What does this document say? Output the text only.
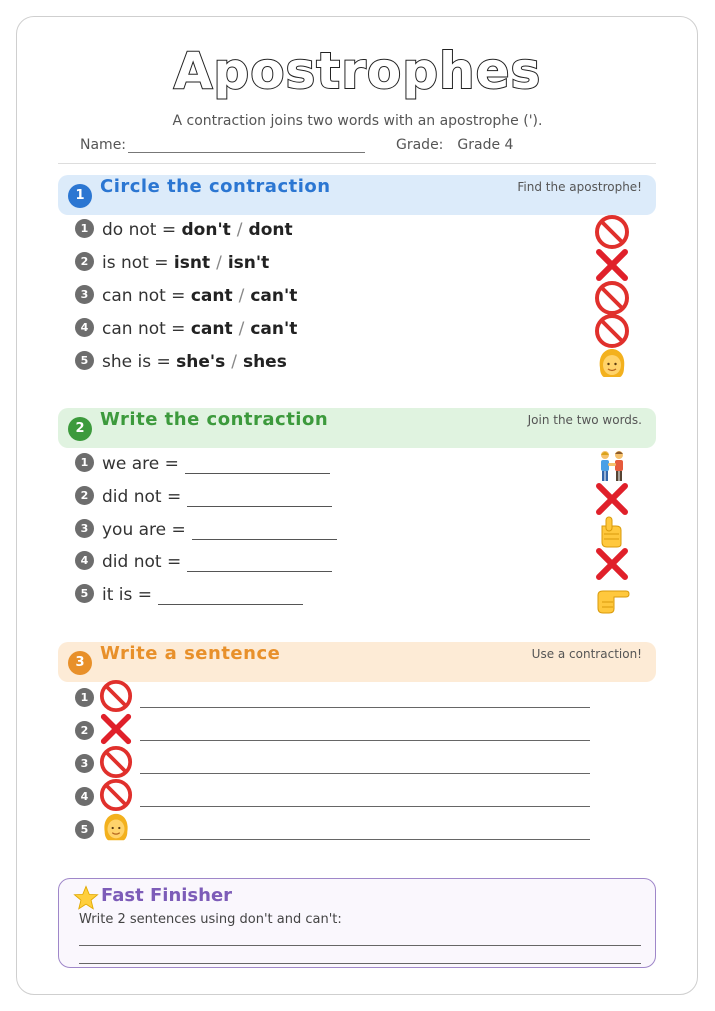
Apostrophes
A contraction joins two words with an apostrophe (').
Name:	Grade: Grade 4
1 Circle the contraction	Find the apostrophe!
1 do not = don't / dont
2 is not = isnt / isn't
3 can not = cant / can't
4 can not = cant / can't
5 she is = she's / shes
2 Write the contraction	Join the two words.
1 we are =
2 did not =
3 you are =
4 did not =
5 it is =
3 Write a sentence	Use a contraction!
1
2
3
4
5
Fast Finisher
Write 2 sentences using don't and can't:
